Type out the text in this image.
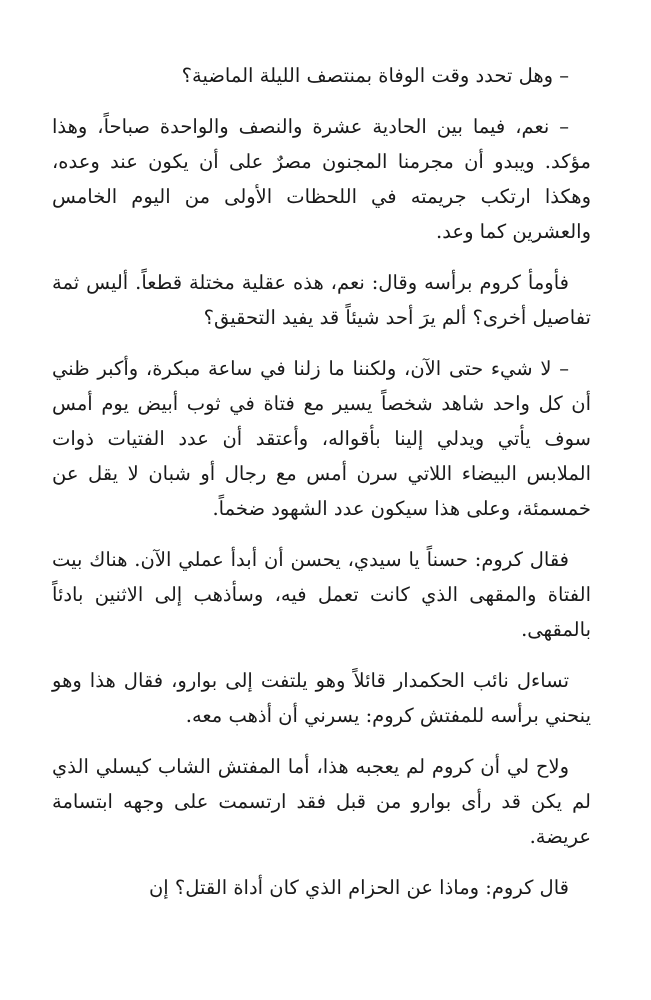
– وهل تحدد وقت الوفاة بمنتصف الليلة الماضية؟

– نعم، فيما بين الحادية عشرة والنصف والواحدة صباحاً، وهذا مؤكد. ويبدو أن مجرمنا المجنون مصرٌ على أن يكون عند وعده، وهكذا ارتكب جريمته في اللحظات الأولى من اليوم الخامس والعشرين كما وعد.

فأومأ كروم برأسه وقال: نعم، هذه عقلية مختلة قطعاً. أليس ثمة تفاصيل أخرى؟ ألم يرَ أحد شيئاً قد يفيد التحقيق؟

– لا شيء حتى الآن، ولكننا ما زلنا في ساعة مبكرة، وأكبر ظني أن كل واحد شاهد شخصاً يسير مع فتاة في ثوب أبيض يوم أمس سوف يأتي ويدلي إلينا بأقواله، وأعتقد أن عدد الفتيات ذوات الملابس البيضاء اللاتي سرن أمس مع رجال أو شبان لا يقل عن خمسمئة، وعلى هذا سيكون عدد الشهود ضخماً.

فقال كروم: حسناً يا سيدي، يحسن أن أبدأ عملي الآن. هناك بيت الفتاة والمقهى الذي كانت تعمل فيه، وسأذهب إلى الاثنين بادئاً بالمقهى.

تساءل نائب الحكمدار قائلاً وهو يلتفت إلى بوارو، فقال هذا وهو ينحني برأسه للمفتش كروم: يسرني أن أذهب معه.

ولاح لي أن كروم لم يعجبه هذا، أما المفتش الشاب كيسلي الذي لم يكن قد رأى بوارو من قبل فقد ارتسمت على وجهه ابتسامة عريضة.

قال كروم: وماذا عن الحزام الذي كان أداة القتل؟ إن
